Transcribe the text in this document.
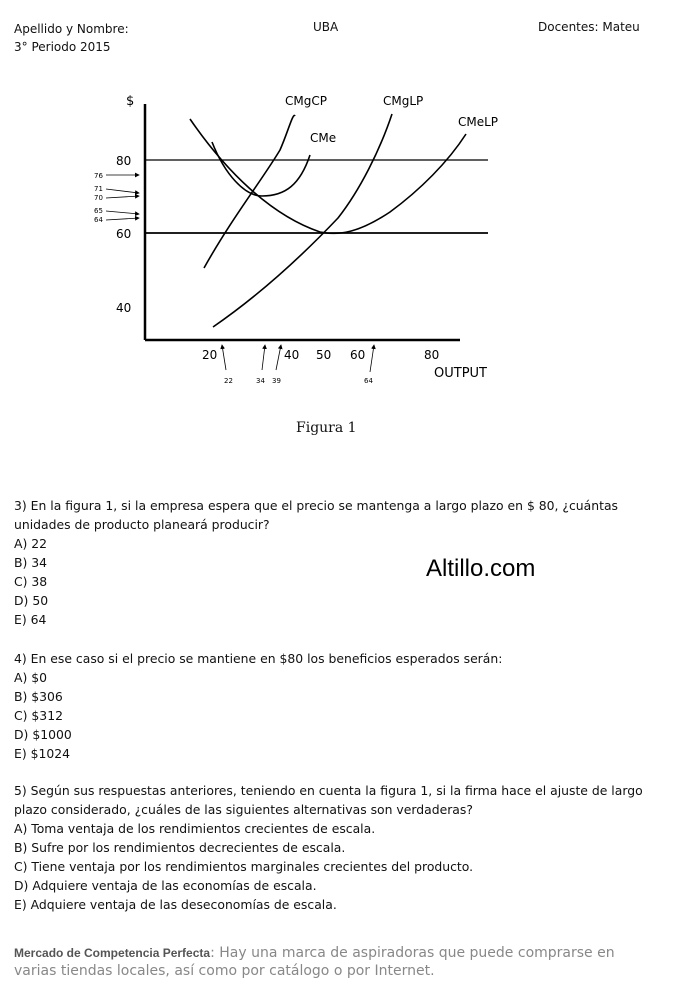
Apellido y Nombre:
3° Periodo 2015
UBA	Docentes: Mateu
CMgCP	CMgLP
CMeLP
CMe
$
OUTPUT
80
60
40
76
71
70
65
64
20	40 50 60	80
22	34 39	64
Figura 1
Altillo.com

3) En la figura 1, si la empresa espera que el precio se mantenga a largo plazo en $ 80, ¿cuántas unidades de producto planeará producir?

A) 22

B) 34

C) 38

D) 50

E) 64

4) En ese caso si el precio se mantiene en $80 los beneficios esperados serán:

A) $0

B) $306

C) $312

D) $1000

E) $1024

5) Según sus respuestas anteriores, teniendo en cuenta la figura 1, si la firma hace el ajuste de largo plazo considerado, ¿cuáles de las siguientes alternativas son verdaderas?

A) Toma ventaja de los rendimientos crecientes de escala.

B) Sufre por los rendimientos decrecientes de escala.

C) Tiene ventaja por los rendimientos marginales crecientes del producto.

D) Adquiere ventaja de las economías de escala.

E) Adquiere ventaja de las deseconomías de escala.

Mercado de Competencia Perfecta: Hay una marca de aspiradoras que puede comprarse en varias tiendas locales, así como por catálogo o por Internet.
